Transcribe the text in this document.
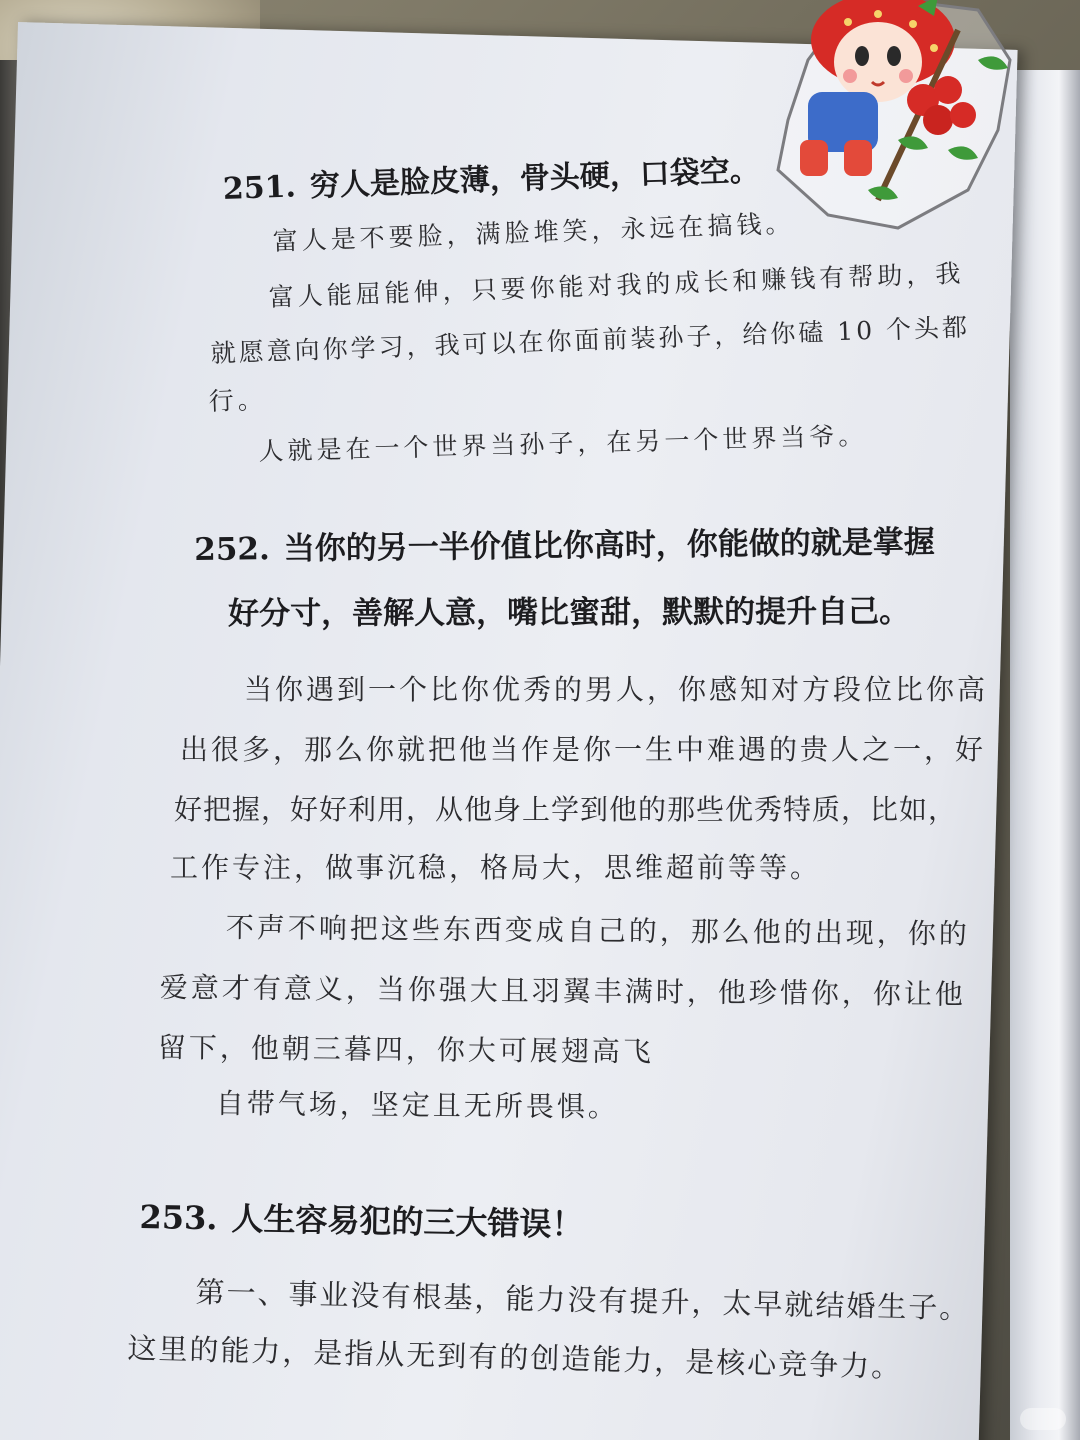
251. 穷人是脸皮薄，骨头硬，口袋空。
富人是不要脸，满脸堆笑，永远在搞钱。
富人能屈能伸，只要你能对我的成长和赚钱有帮助，我
就愿意向你学习，我可以在你面前装孙子，给你磕 10 个头都
行。
人就是在一个世界当孙子，在另一个世界当爷。
252. 当你的另一半价值比你高时，你能做的就是掌握
好分寸，善解人意，嘴比蜜甜，默默的提升自己。
当你遇到一个比你优秀的男人，你感知对方段位比你高
出很多，那么你就把他当作是你一生中难遇的贵人之一，好
好把握，好好利用，从他身上学到他的那些优秀特质，比如，
工作专注，做事沉稳，格局大，思维超前等等。
不声不响把这些东西变成自己的，那么他的出现，你的
爱意才有意义，当你强大且羽翼丰满时，他珍惜你，你让他
留下，他朝三暮四，你大可展翅高飞
自带气场，坚定且无所畏惧。
253. 人生容易犯的三大错误！
第一、事业没有根基，能力没有提升，太早就结婚生子。
这里的能力，是指从无到有的创造能力，是核心竞争力。
